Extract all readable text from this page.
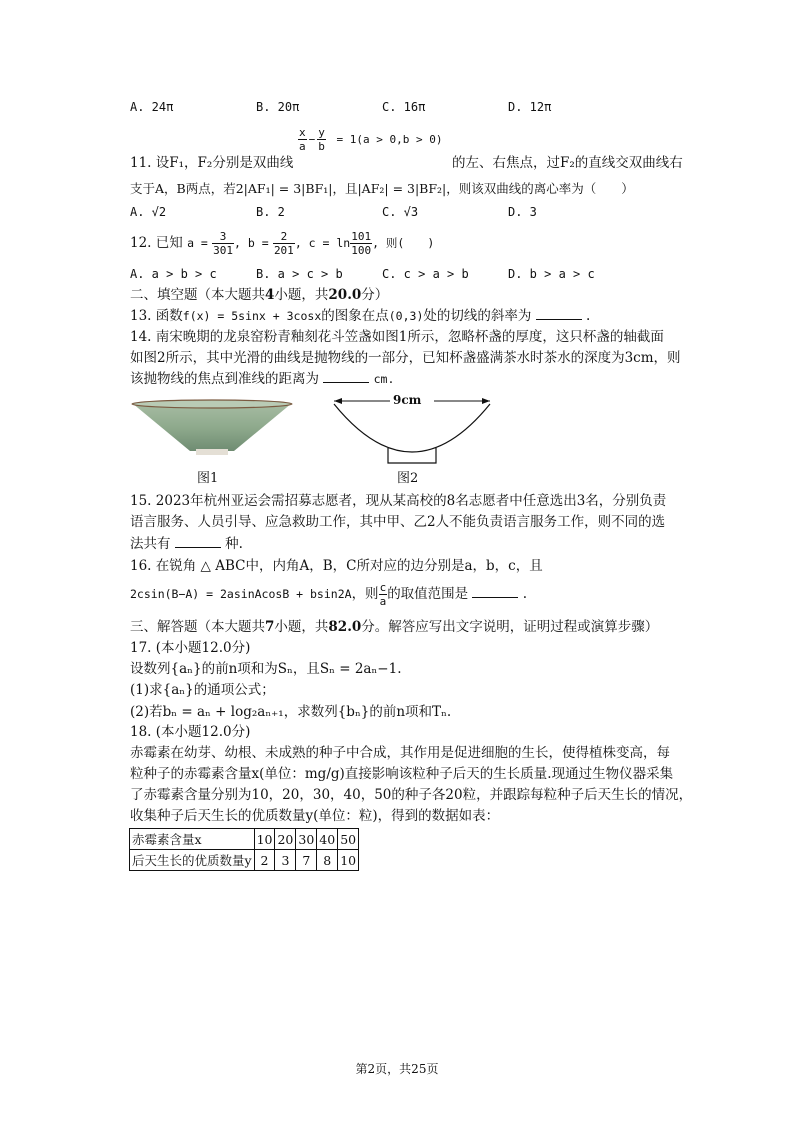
A. 24π	B. 20π	C. 16π	D. 12π
$\frac{x}{a} - \frac{y}{b} = 1(a > 0,b > 0)$
11. 设F₁，F₂分别是双曲线	的左、右焦点，过F₂的直线交双曲线右
支于A，B两点，若2|AF₁| = 3|BF₁|，且|AF₂| = 3|BF₂|，则该双曲线的离心率为（　　）
A. √2	B. 2	C. √3	D. 3
12. 已知 $a = \frac{3}{301}$ , $b = \frac{2}{201}$ , $c = \ln \frac{101}{100}$ , 则(　　)
A. a > b > c	B. a > c > b	C. c > a > b	D. b > a > c
二、填空题（本大题共4小题，共20.0分）
13. 函数f(x) = 5sinx + 3cosx的图象在点(0,3)处的切线的斜率为	.
14. 南宋晚期的龙泉窑粉青釉刻花斗笠盏如图1所示，忽略杯盏的厚度，这只杯盏的轴截面
如图2所示，其中光滑的曲线是抛物线的一部分，已知杯盏盛满茶水时茶水的深度为3cm，则
该抛物线的焦点到准线的距离为	cm.
图1
9cm
图2
15. 2023年杭州亚运会需招募志愿者，现从某高校的8名志愿者中任意选出3名，分别负责
语言服务、人员引导、应急救助工作，其中甲、乙2人不能负责语言服务工作，则不同的选
法共有	种.
16. 在锐角 △ ABC中，内角A，B，C所对应的边分别是a，b，c，且
2csin(B−A) = 2asinAcosB + bsin2A，则 $\frac{c}{a}$ 的取值范围是	.
三、解答题（本大题共7小题，共82.0分。解答应写出文字说明，证明过程或演算步骤）
17. (本小题12.0分)
设数列{aₙ}的前n项和为Sₙ，且Sₙ = 2aₙ−1.
(1)求{aₙ}的通项公式；
(2)若bₙ = aₙ + log₂aₙ₊₁，求数列{bₙ}的前n项和Tₙ.
18. (本小题12.0分)
赤霉素在幼芽、幼根、未成熟的种子中合成，其作用是促进细胞的生长，使得植株变高，每
粒种子的赤霉素含量x(单位：mg/g)直接影响该粒种子后天的生长质量.现通过生物仪器采集
了赤霉素含量分别为10，20，30，40，50的种子各20粒，并跟踪每粒种子后天生长的情况，
收集种子后天生长的优质数量y(单位：粒)，得到的数据如表：
赤霉素含量x	10	20	30	40	50
后天生长的优质数量y	2	3	7	8	10
第2页，共25页
